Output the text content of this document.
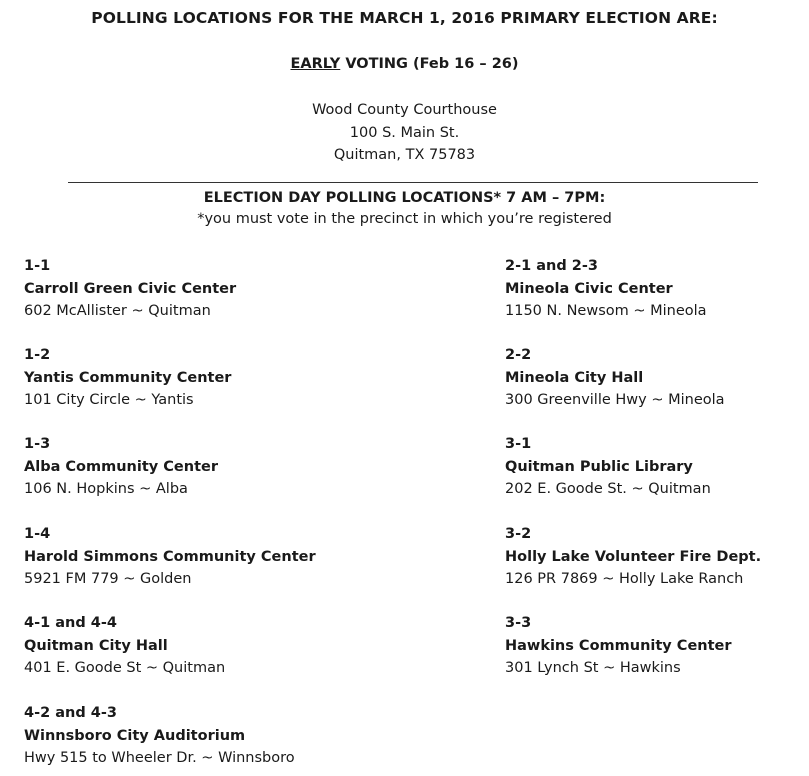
POLLING LOCATIONS FOR THE MARCH 1, 2016 PRIMARY ELECTION ARE:
EARLY VOTING (Feb 16 – 26)
Wood County Courthouse
100 S. Main St.
Quitman, TX 75783
ELECTION DAY POLLING LOCATIONS* 7 AM – 7PM:
*you must vote in the precinct in which you’re registered
1-1
Carroll Green Civic Center
602 McAllister ~ Quitman
1-2
Yantis Community Center
101 City Circle ~ Yantis
1-3
Alba Community Center
106 N. Hopkins ~ Alba
1-4
Harold Simmons Community Center
5921 FM 779 ~ Golden
4-1 and 4-4
Quitman City Hall
401 E. Goode St ~ Quitman
4-2 and 4-3
Winnsboro City Auditorium
Hwy 515 to Wheeler Dr. ~ Winnsboro
2-1 and 2-3
Mineola Civic Center
1150 N. Newsom ~ Mineola
2-2
Mineola City Hall
300 Greenville Hwy ~ Mineola
3-1
Quitman Public Library
202 E. Goode St. ~ Quitman
3-2
Holly Lake Volunteer Fire Dept.
126 PR 7869 ~ Holly Lake Ranch
3-3
Hawkins Community Center
301 Lynch St ~ Hawkins
